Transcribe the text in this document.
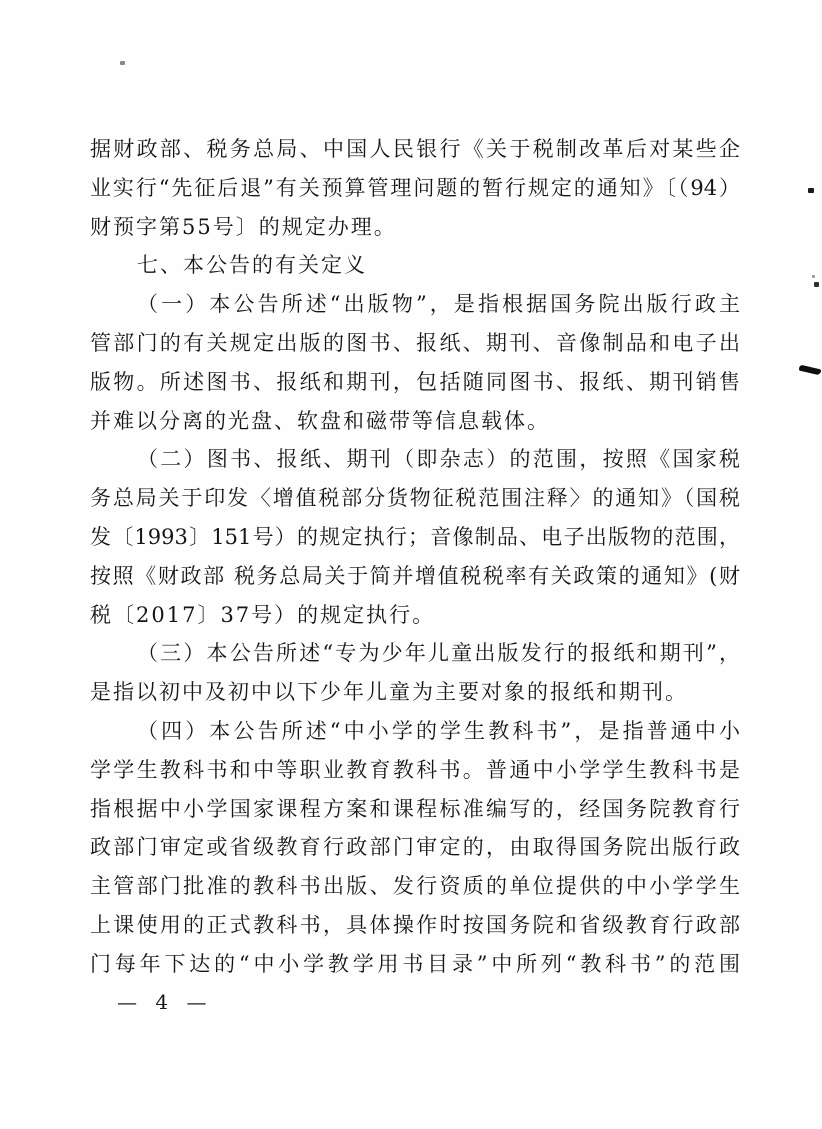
据财政部、税务总局、中国人民银行《关于税制改革后对某些企
业实行“先征后退”有关预算管理问题的暂行规定的通知》〔（94）
财预字第55号〕的规定办理。
七、本公告的有关定义
（一）本公告所述“出版物”，是指根据国务院出版行政主
管部门的有关规定出版的图书、报纸、期刊、音像制品和电子出
版物。所述图书、报纸和期刊，包括随同图书、报纸、期刊销售
并难以分离的光盘、软盘和磁带等信息载体。
（二）图书、报纸、期刊（即杂志）的范围，按照《国家税
务总局关于印发〈增值税部分货物征税范围注释〉的通知》（国税
发〔1993〕151号）的规定执行；音像制品、电子出版物的范围，
按照《财政部 税务总局关于简并增值税税率有关政策的通知》(财
税〔2017〕37号）的规定执行。
（三）本公告所述“专为少年儿童出版发行的报纸和期刊”，
是指以初中及初中以下少年儿童为主要对象的报纸和期刊。
（四）本公告所述“中小学的学生教科书”，是指普通中小
学学生教科书和中等职业教育教科书。普通中小学学生教科书是
指根据中小学国家课程方案和课程标准编写的，经国务院教育行
政部门审定或省级教育行政部门审定的，由取得国务院出版行政
主管部门批准的教科书出版、发行资质的单位提供的中小学学生
上课使用的正式教科书，具体操作时按国务院和省级教育行政部
门每年下达的“中小学教学用书目录”中所列“教科书”的范围
— 4 —
